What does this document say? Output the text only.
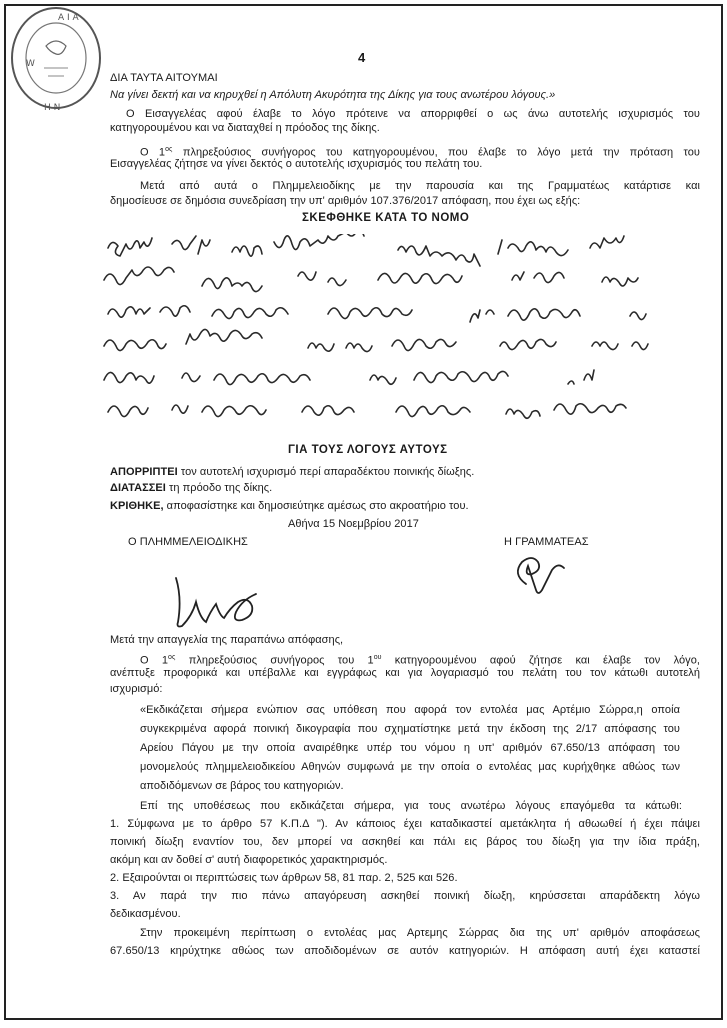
Α Ι Α
W
Η Ν
4
ΔΙΑ ΤΑΥΤΑ ΑΙΤΟΥΜΑΙ
Να γίνει δεκτή και να κηρυχθεί η Απόλυτη Ακυρότητα της Δίκης για τους ανωτέρου λόγους.»
Ο Εισαγγελέας αφού έλαβε το λόγο πρότεινε να απορριφθεί ο ως άνω αυτοτελής ισχυρισμός του
κατηγορουμένου και να διαταχθεί η πρόοδος της δίκης.
Ο $1^{o\varsigma}$ πληρεξούσιος συνήγορος του κατηγορουμένου, που έλαβε το λόγο μετά την πρόταση του
Εισαγγελέας ζήτησε να γίνει δεκτός ο αυτοτελής ισχυρισμός του πελάτη του.
Μετά από αυτά ο Πλημμελειοδίκης με την παρουσία και της Γραμματέως κατάρτισε και
δημοσίευσε σε δημόσια συνεδρίαση την υπ' αριθμόν 107.376/2017 απόφαση, που έχει ως εξής:
ΣΚΕΦΘΗΚΕ ΚΑΤΑ ΤΟ ΝΟΜΟ
ΓΙΑ ΤΟΥΣ ΛΟΓΟΥΣ ΑΥΤΟΥΣ
ΑΠΟΡΡΙΠΤΕΙ τον αυτοτελή ισχυρισμό περί απαραδέκτου ποινικής δίωξης.
ΔΙΑΤΑΣΣΕΙ τη πρόοδο της δίκης.
ΚΡΙΘΗΚΕ, αποφασίστηκε και δημοσιεύτηκε αμέσως στο ακροατήριο του.
Αθήνα 15 Νοεμβρίου 2017
Ο ΠΛΗΜΜΕΛΕΙΟΔΙΚΗΣ	Η ΓΡΑΜΜΑΤΕΑΣ
Μετά την απαγγελία της παραπάνω απόφασης,
Ο $1^{o\varsigma}$ πληρεξούσιος συνήγορος του $1^{o\upsilon}$ κατηγορουμένου αφού ζήτησε και έλαβε τον λόγο,
ανέπτυξε προφορικά και υπέβαλλε και εγγράφως και για λογαριασμό του πελάτη του τον κάτωθι αυτοτελή
ισχυρισμό:
«Εκδικάζεται σήμερα ενώπιον σας υπόθεση που αφορά τον εντολέα μας Αρτέμιο Σώρρα,η οποία
συγκεκριμένα αφορά ποινική δικογραφία που σχηματίστηκε μετά την έκδοση της 2/17 απόφασης του
Αρείου Πάγου με την οποία αναιρέθηκε υπέρ του νόμου η υπ' αριθμόν 67.650/13 απόφαση του
μονομελούς πλημμελειοδικείου Αθηνών συμφωνά με την οποία ο εντολέας μας κυρήχθηκε αθώος των
αποδιδόμενων σε βάρος του κατηγοριών.
Επί της υποθέσεως που εκδικάζεται σήμερα, για τους ανωτέρω λόγους επαγόμεθα τα κάτωθι:
1. Σύμφωνα με το άρθρο 57 Κ.Π.Δ "). Αν κάποιος έχει καταδικαστεί αμετάκλητα ή αθωωθεί ή έχει πάψει
ποινική δίωξη εναντίον του, δεν μπορεί να ασκηθεί και πάλι εις βάρος του δίωξη για την ίδια πράξη,
ακόμη και αν δοθεί σ' αυτή διαφορετικός χαρακτηρισμός.
2. Εξαιρούνται οι περιπτώσεις των άρθρων 58, 81 παρ. 2, 525 και 526.
3. Αν παρά την πιο πάνω απαγόρευση ασκηθεί ποινική δίωξη, κηρύσσεται απαράδεκτη λόγω
δεδικασμένου.
Στην προκειμένη περίπτωση ο εντολέας μας Αρτεμης Σώρρας δια της υπ' αριθμόν αποφάσεως
67.650/13 κηρύχτηκε αθώος των αποδιδομένων σε αυτόν κατηγοριών. Η απόφαση αυτή έχει καταστεί
